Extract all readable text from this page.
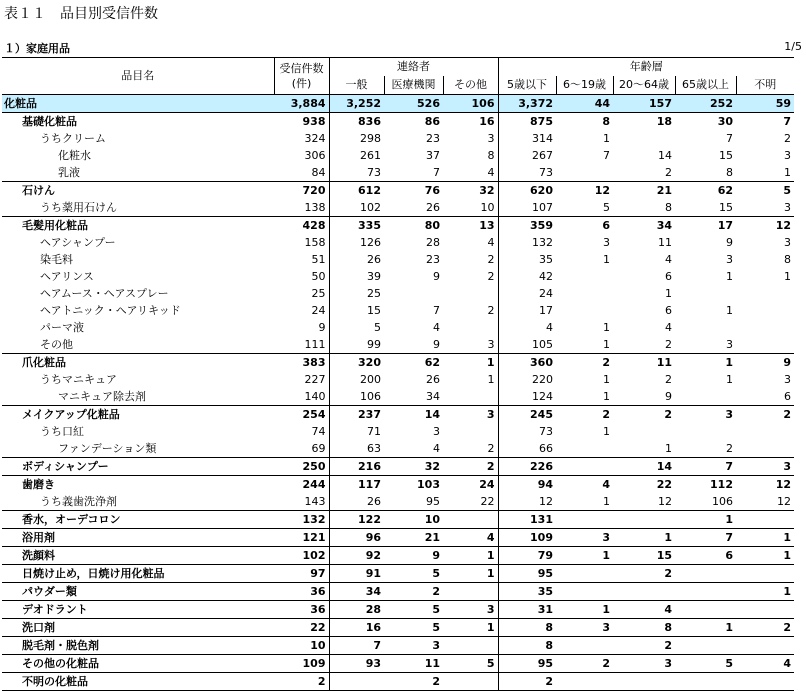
表１１　品目別受信件数
１）家庭用品	1/5
品目名	受信件数
(件)	連絡者			年齢層				
		一般	医療機関	その他	5歳以下	6～19歳	20～64歳	65歳以上	不明
化粧品	3,884	3,252	526	106	3,372	44	157	252	59
基礎化粧品	938	836	86	16	875	8	18	30	7
うちクリーム	324	298	23	3	314	1		7	2
化粧水	306	261	37	8	267	7	14	15	3
乳液	84	73	7	4	73		2	8	1
石けん	720	612	76	32	620	12	21	62	5
うち薬用石けん	138	102	26	10	107	5	8	15	3
毛髪用化粧品	428	335	80	13	359	6	34	17	12
ヘアシャンプー	158	126	28	4	132	3	11	9	3
染毛料	51	26	23	2	35	1	4	3	8
ヘアリンス	50	39	9	2	42		6	1	1
ヘアムース・ヘアスプレー	25	25			24		1		
ヘアトニック・ヘアリキッド	24	15	7	2	17		6	1	
パーマ液	9	5	4		4	1	4		
その他	111	99	9	3	105	1	2	3	
爪化粧品	383	320	62	1	360	2	11	1	9
うちマニキュア	227	200	26	1	220	1	2	1	3
マニキュア除去剤	140	106	34		124	1	9		6
メイクアップ化粧品	254	237	14	3	245	2	2	3	2
うち口紅	74	71	3		73	1			
ファンデーション類	69	63	4	2	66		1	2	
ボディシャンプー	250	216	32	2	226		14	7	3
歯磨き	244	117	103	24	94	4	22	112	12
うち義歯洗浄剤	143	26	95	22	12	1	12	106	12
香水，オーデコロン	132	122	10		131			1	
浴用剤	121	96	21	4	109	3	1	7	1
洗顔料	102	92	9	1	79	1	15	6	1
日焼け止め，日焼け用化粧品	97	91	5	1	95		2		
パウダー類	36	34	2		35				1
デオドラント	36	28	5	3	31	1	4		
洗口剤	22	16	5	1	8	3	8	1	2
脱毛剤・脱色剤	10	7	3		8		2		
その他の化粧品	109	93	11	5	95	2	3	5	4
不明の化粧品	2		2		2				
